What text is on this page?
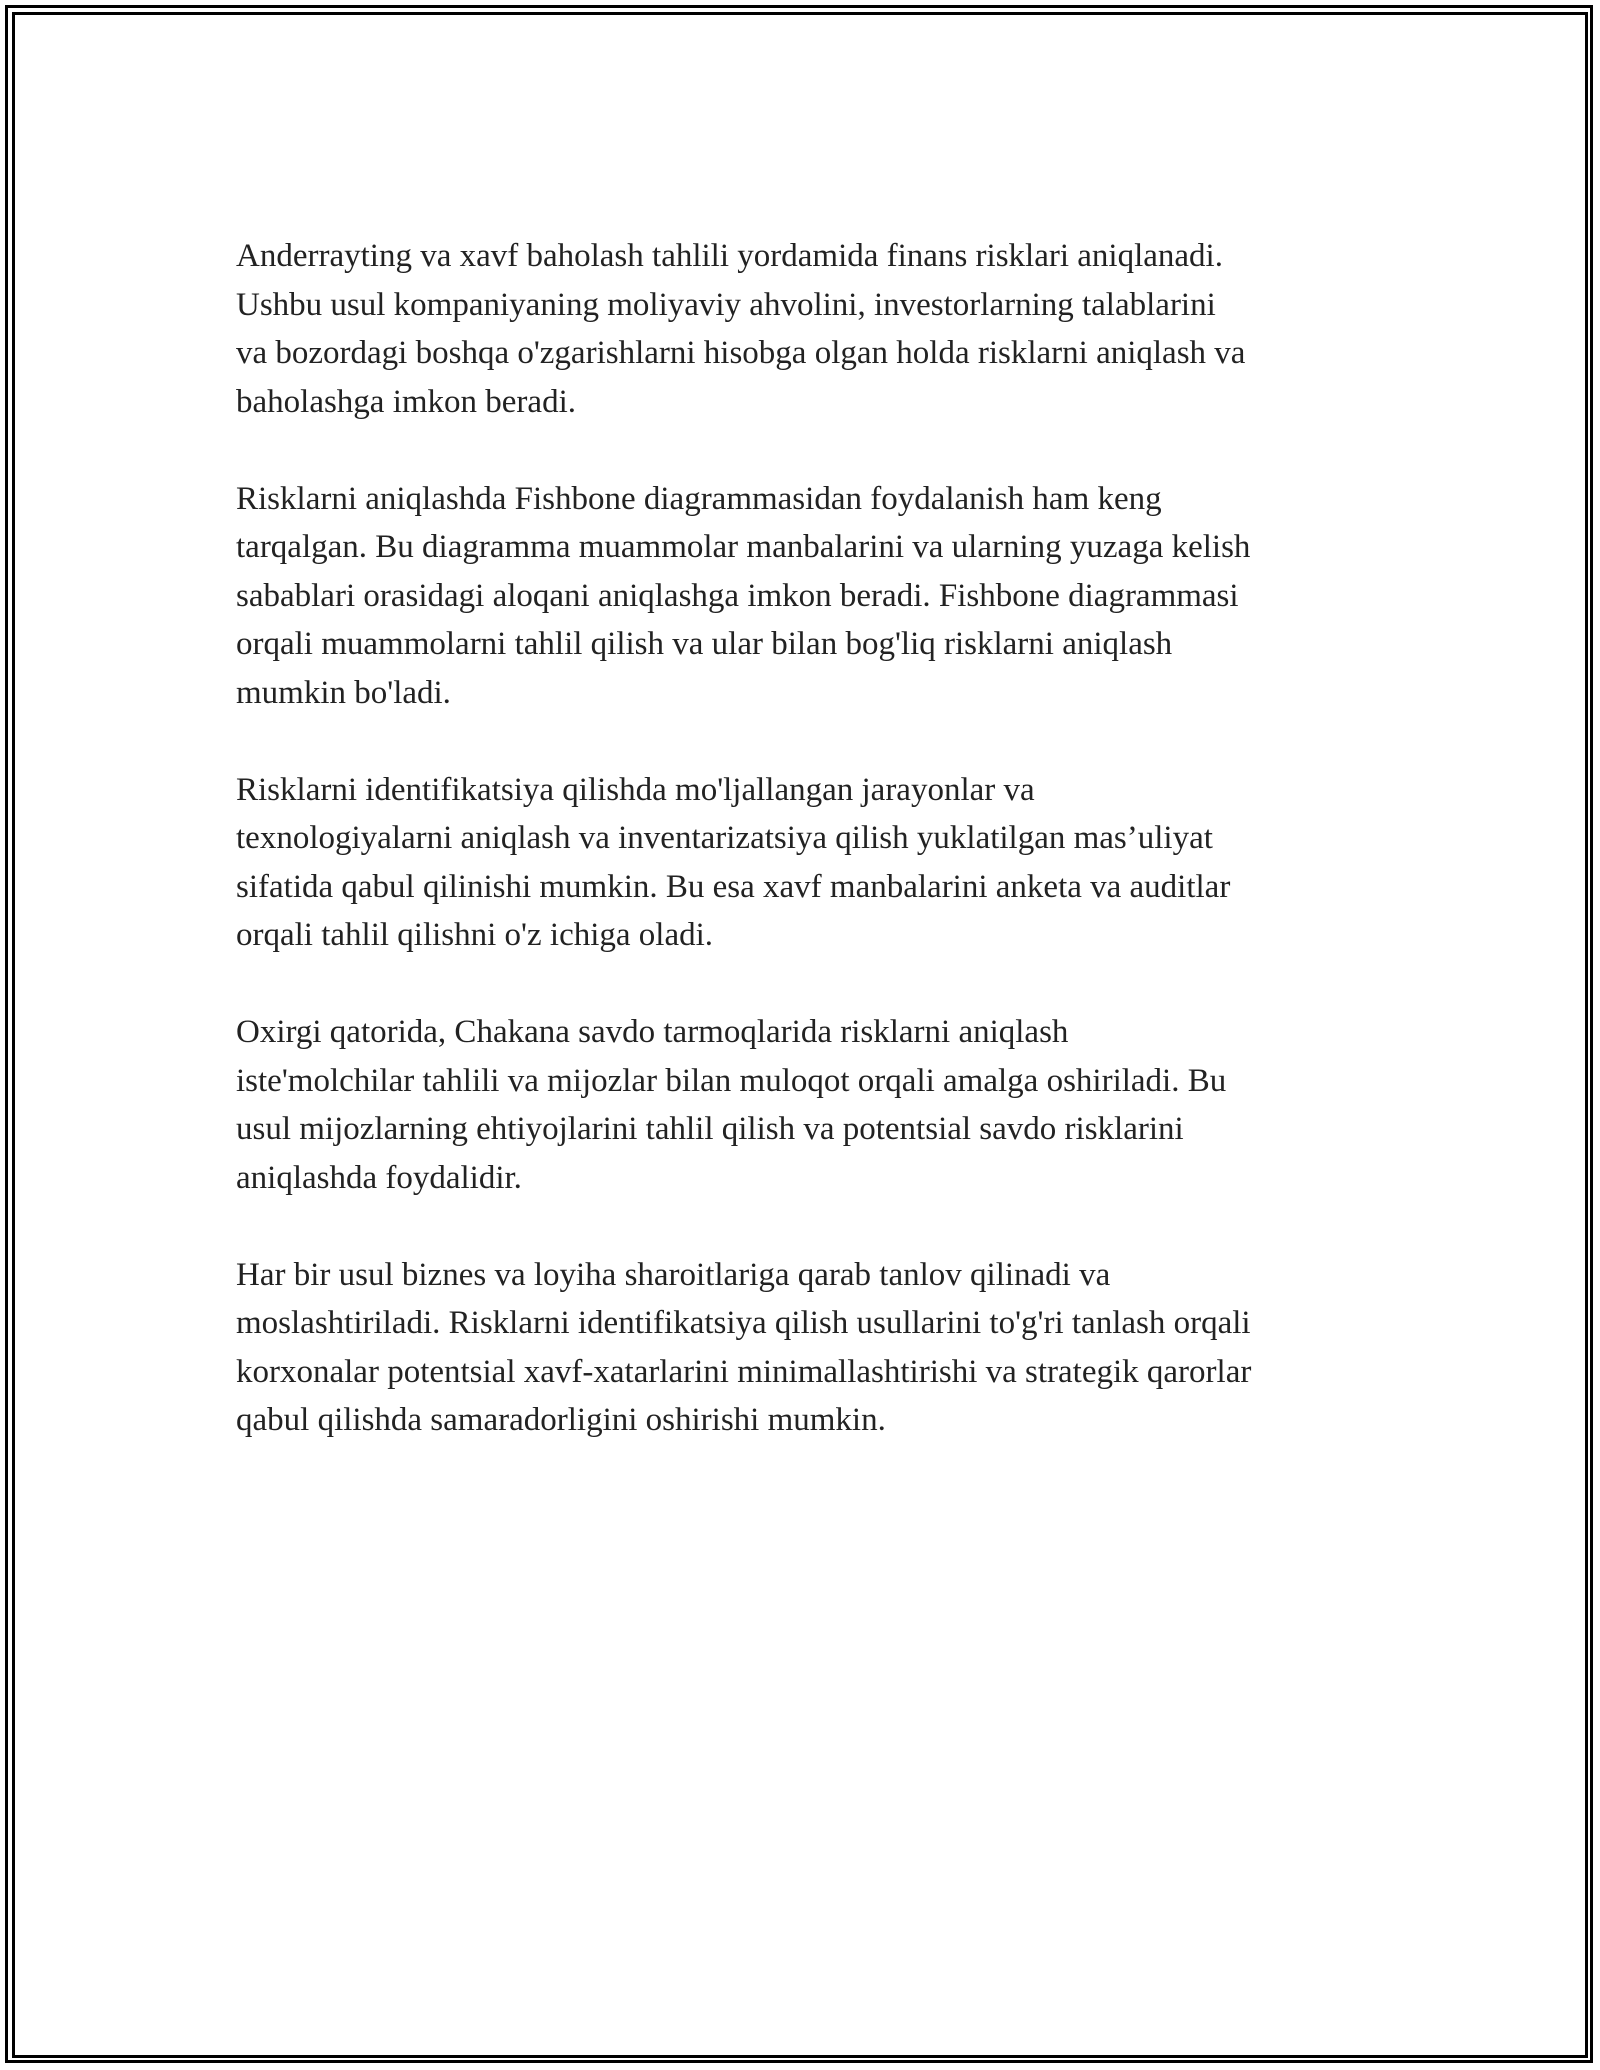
Anderrayting va xavf baholash tahlili yordamida finans risklari aniqlanadi.
Ushbu usul kompaniyaning moliyaviy ahvolini, investorlarning talablarini
va bozordagi boshqa o'zgarishlarni hisobga olgan holda risklarni aniqlash va
baholashga imkon beradi.

Risklarni aniqlashda Fishbone diagrammasidan foydalanish ham keng
tarqalgan. Bu diagramma muammolar manbalarini va ularning yuzaga kelish
sabablari orasidagi aloqani aniqlashga imkon beradi. Fishbone diagrammasi
orqali muammolarni tahlil qilish va ular bilan bog'liq risklarni aniqlash
mumkin bo'ladi.

Risklarni identifikatsiya qilishda mo'ljallangan jarayonlar va
texnologiyalarni aniqlash va inventarizatsiya qilish yuklatilgan mas’uliyat
sifatida qabul qilinishi mumkin. Bu esa xavf manbalarini anketa va auditlar
orqali tahlil qilishni o'z ichiga oladi.

Oxirgi qatorida, Chakana savdo tarmoqlarida risklarni aniqlash
iste'molchilar tahlili va mijozlar bilan muloqot orqali amalga oshiriladi. Bu
usul mijozlarning ehtiyojlarini tahlil qilish va potentsial savdo risklarini
aniqlashda foydalidir.

Har bir usul biznes va loyiha sharoitlariga qarab tanlov qilinadi va
moslashtiriladi. Risklarni identifikatsiya qilish usullarini to'g'ri tanlash orqali
korxonalar potentsial xavf-xatarlarini minimallashtirishi va strategik qarorlar
qabul qilishda samaradorligini oshirishi mumkin.
